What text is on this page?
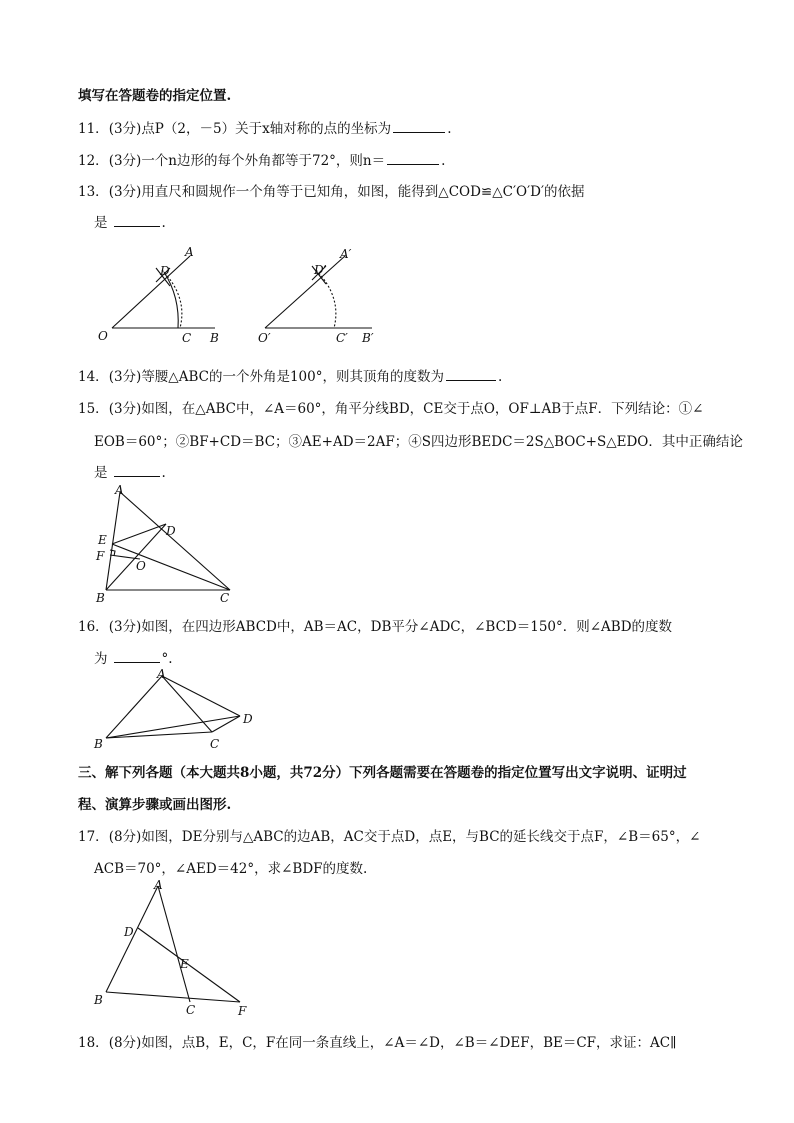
填写在答题卷的指定位置.
11．(3分)点P（2，－5）关于x轴对称的点的坐标为	.
12．(3分)一个n边形的每个外角都等于72°，则n＝	.
13．(3分)用直尺和圆规作一个角等于已知角，如图，能得到△COD≌△C′O′D′的依据
是	.
A
D
O	C B
A′
D′
O′	C′ B′
14．(3分)等腰△ABC的一个外角是100°，则其顶角的度数为	.
15．(3分)如图，在△ABC中，∠A＝60°，角平分线BD，CE交于点O，OF⊥AB于点F．下列结论：①∠
EOB＝60°；②BF+CD＝BC；③AE+AD＝2AF；④S四边形BEDC＝2S△BOC+S△EDO．其中正确结论
是	.
A
E
D
F
O
B	C
16．(3分)如图，在四边形ABCD中，AB＝AC，DB平分∠ADC，∠BCD＝150°．则∠ABD的度数
为	°.
A
D
B	C
三、解下列各题（本大题共8小题，共72分）下列各题需要在答题卷的指定位置写出文字说明、证明过
程、演算步骤或画出图形.
17．(8分)如图，DE分别与△ABC的边AB，AC交于点D，点E，与BC的延长线交于点F，∠B＝65°，∠
ACB＝70°，∠AED＝42°，求∠BDF的度数.
A
D
E
B
C	F
18．(8分)如图，点B，E，C，F在同一条直线上，∠A＝∠D，∠B＝∠DEF，BE＝CF，求证：AC∥
